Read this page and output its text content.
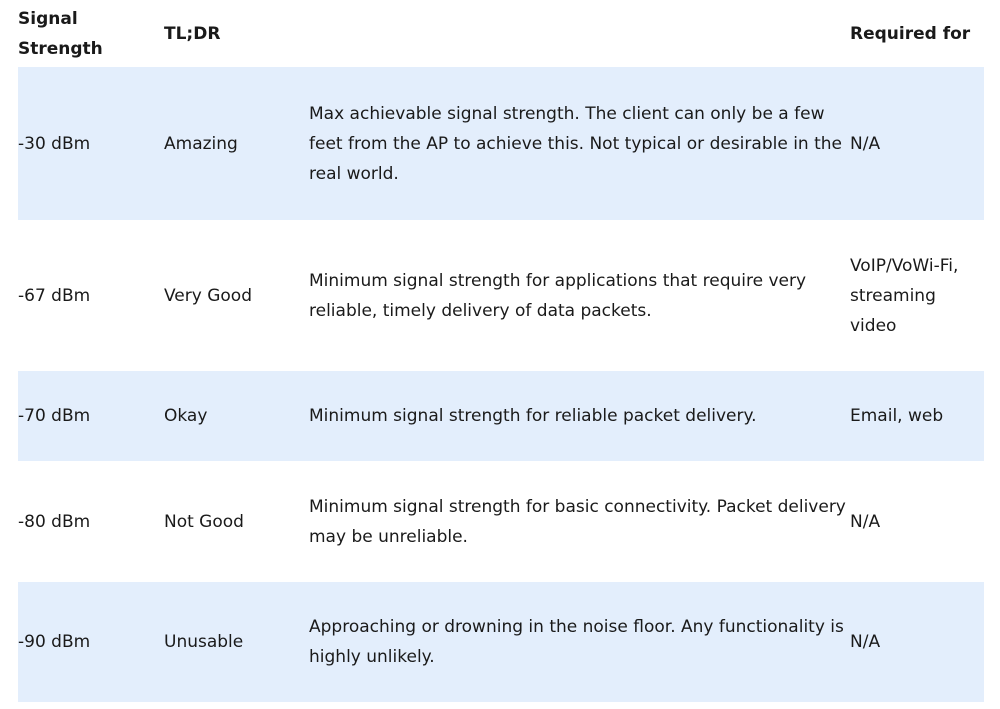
Signal Strength	TL;DR		Required for
-30 dBm	Amazing	Max achievable signal strength. The client can only be a few feet from the AP to achieve this. Not typical or desirable in the real world.	N/A
-67 dBm	Very Good	Minimum signal strength for applications that require very reliable, timely delivery of data packets.	VoIP/VoWi-Fi, streaming video
-70 dBm	Okay	Minimum signal strength for reliable packet delivery.	Email, web
-80 dBm	Not Good	Minimum signal strength for basic connectivity. Packet delivery may be unreliable.	N/A
-90 dBm	Unusable	Approaching or drowning in the noise floor. Any functionality is highly unlikely.	N/A
